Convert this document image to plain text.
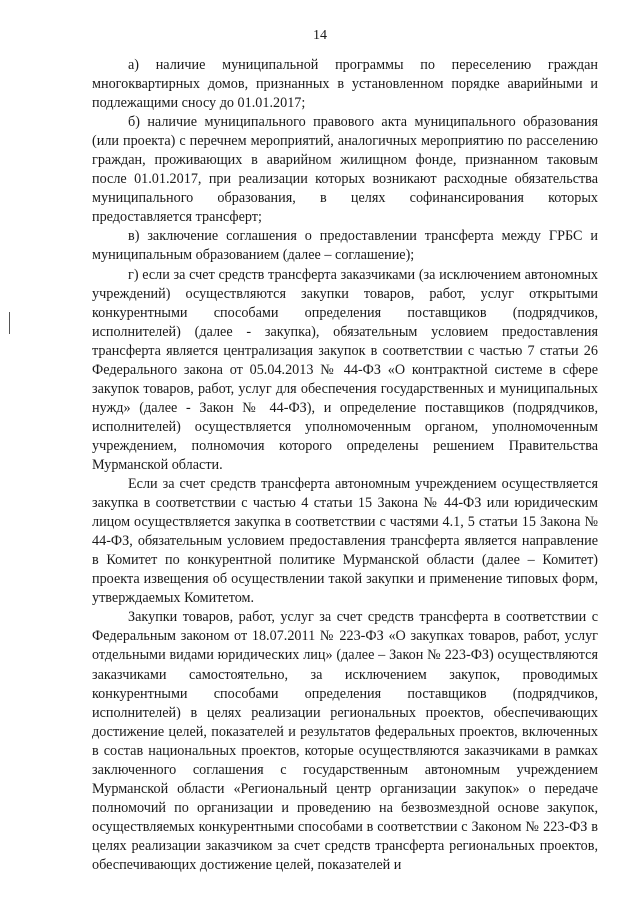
14

а) наличие муниципальной программы по переселению граждан многоквартирных домов, признанных в установленном порядке аварийными и подлежащими сносу до 01.01.2017;

б) наличие муниципального правового акта муниципального образования (или проекта) с перечнем мероприятий, аналогичных мероприятию по расселению граждан, проживающих в аварийном жилищном фонде, признанном таковым после 01.01.2017, при реализации которых возникают расходные обязательства муниципального образования, в целях софинансирования которых предоставляется трансферт;

в) заключение соглашения о предоставлении трансферта между ГРБС и муниципальным образованием (далее – соглашение);

г) если за счет средств трансферта заказчиками (за исключением автономных учреждений) осуществляются закупки товаров, работ, услуг открытыми конкурентными способами определения поставщиков (подрядчиков, исполнителей) (далее - закупка), обязательным условием предоставления трансферта является централизация закупок в соответствии с частью 7 статьи 26 Федерального закона от 05.04.2013 № 44-ФЗ «О контрактной системе в сфере закупок товаров, работ, услуг для обеспечения государственных и муниципальных нужд» (далее - Закон № 44-ФЗ), и определение поставщиков (подрядчиков, исполнителей) осуществляется уполномоченным органом, уполномоченным учреждением, полномочия которого определены решением Правительства Мурманской области.

Если за счет средств трансферта автономным учреждением осуществляется закупка в соответствии с частью 4 статьи 15 Закона № 44-ФЗ или юридическим лицом осуществляется закупка в соответствии с частями 4.1, 5 статьи 15 Закона № 44-ФЗ, обязательным условием предоставления трансферта является направление в Комитет по конкурентной политике Мурманской области (далее – Комитет) проекта извещения об осуществлении такой закупки и применение типовых форм, утверждаемых Комитетом.

Закупки товаров, работ, услуг за счет средств трансферта в соответствии с Федеральным законом от 18.07.2011 № 223-ФЗ «О закупках товаров, работ, услуг отдельными видами юридических лиц» (далее – Закон № 223-ФЗ) осуществляются заказчиками самостоятельно, за исключением закупок, проводимых конкурентными способами определения поставщиков (подрядчиков, исполнителей) в целях реализации региональных проектов, обеспечивающих достижение целей, показателей и результатов федеральных проектов, включенных в состав национальных проектов, которые осуществляются заказчиками в рамках заключенного соглашения с государственным автономным учреждением Мурманской области «Региональный центр организации закупок» о передаче полномочий по организации и проведению на безвозмездной основе закупок, осуществляемых конкурентными способами в соответствии с Законом № 223-ФЗ в целях реализации заказчиком за счет средств трансферта региональных проектов, обеспечивающих достижение целей, показателей и
